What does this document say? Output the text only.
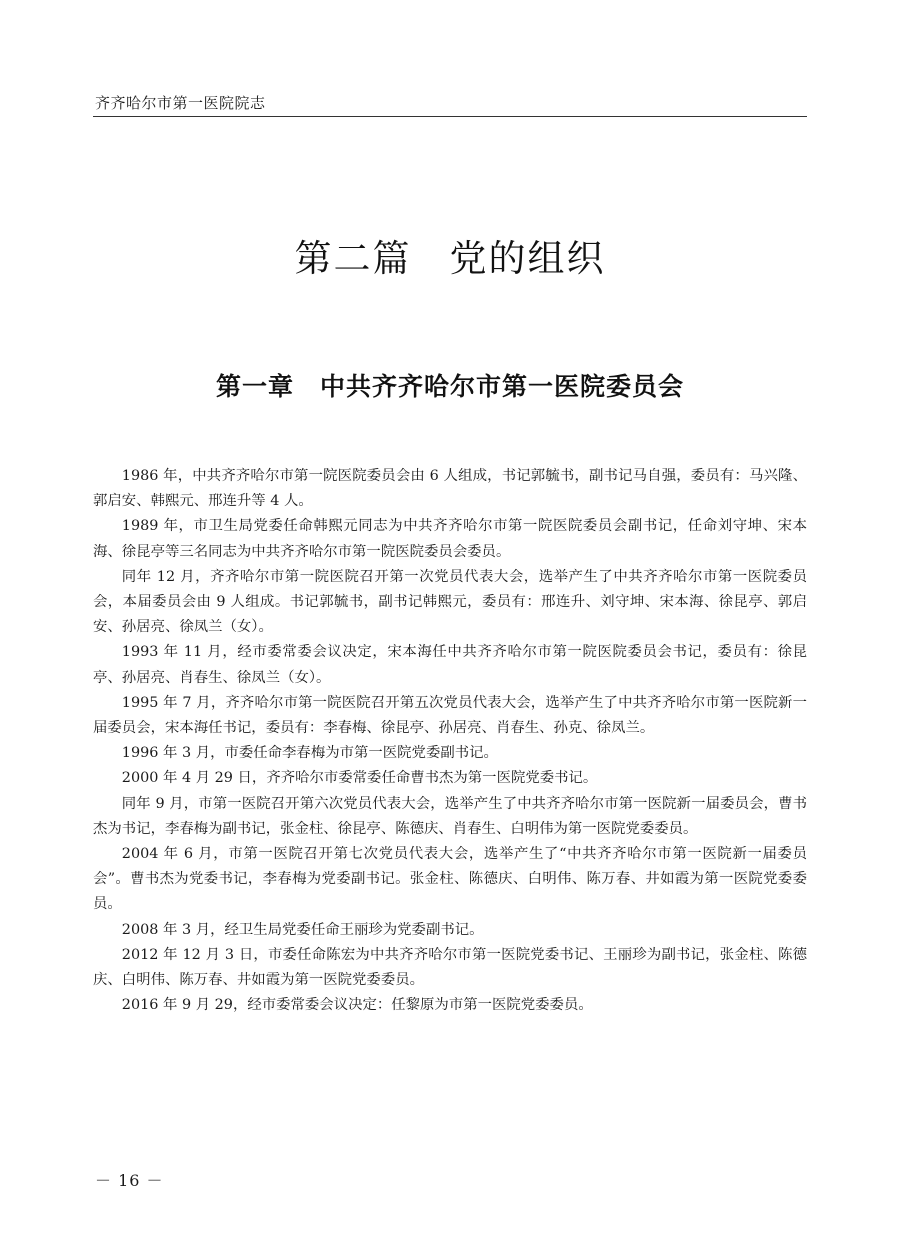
齐齐哈尔市第一医院院志
第二篇 党的组织
第一章 中共齐齐哈尔市第一医院委员会

1986 年，中共齐齐哈尔市第一院医院委员会由 6 人组成，书记郭毓书，副书记马自强，委员有：马兴隆、郭启安、韩熙元、邢连升等 4 人。

1989 年，市卫生局党委任命韩熙元同志为中共齐齐哈尔市第一院医院委员会副书记，任命刘守坤、宋本海、徐昆亭等三名同志为中共齐齐哈尔市第一院医院委员会委员。

同年 12 月，齐齐哈尔市第一院医院召开第一次党员代表大会，选举产生了中共齐齐哈尔市第一医院委员会，本届委员会由 9 人组成。书记郭毓书，副书记韩熙元，委员有：邢连升、刘守坤、宋本海、徐昆亭、郭启安、孙居亮、徐凤兰（女）。

1993 年 11 月，经市委常委会议决定，宋本海任中共齐齐哈尔市第一院医院委员会书记，委员有：徐昆亭、孙居亮、肖春生、徐凤兰（女）。

1995 年 7 月，齐齐哈尔市第一院医院召开第五次党员代表大会，选举产生了中共齐齐哈尔市第一医院新一届委员会，宋本海任书记，委员有：李春梅、徐昆亭、孙居亮、肖春生、孙克、徐凤兰。

1996 年 3 月，市委任命李春梅为市第一医院党委副书记。

2000 年 4 月 29 日，齐齐哈尔市委常委任命曹书杰为第一医院党委书记。

同年 9 月，市第一医院召开第六次党员代表大会，选举产生了中共齐齐哈尔市第一医院新一届委员会，曹书杰为书记，李春梅为副书记，张金柱、徐昆亭、陈德庆、肖春生、白明伟为第一医院党委委员。

2004 年 6 月，市第一医院召开第七次党员代表大会，选举产生了“中共齐齐哈尔市第一医院新一届委员会”。曹书杰为党委书记，李春梅为党委副书记。张金柱、陈德庆、白明伟、陈万春、井如霞为第一医院党委委员。

2008 年 3 月，经卫生局党委任命王丽珍为党委副书记。

2012 年 12 月 3 日，市委任命陈宏为中共齐齐哈尔市第一医院党委书记、王丽珍为副书记，张金柱、陈德庆、白明伟、陈万春、井如霞为第一医院党委委员。

2016 年 9 月 29，经市委常委会议决定：任黎原为市第一医院党委委员。

－ 16 －
